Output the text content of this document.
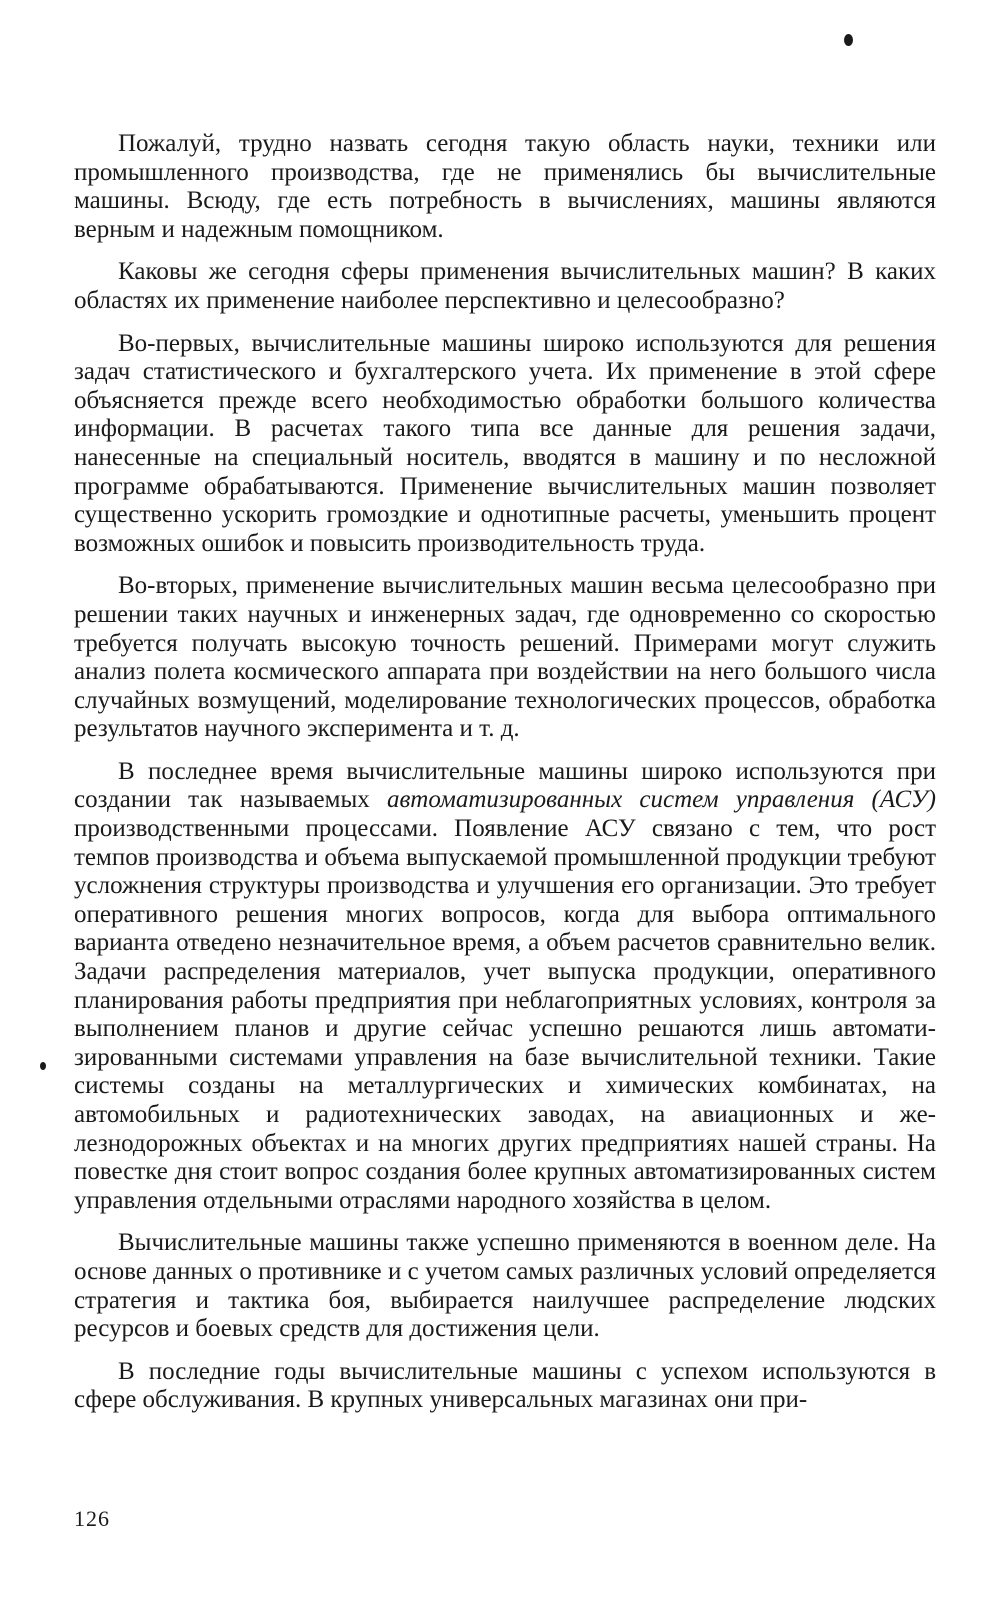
Пожалуй, трудно назвать сегодня такую область науки, техники или промышленного производства, где не применялись бы вычислительные машины. Всюду, где есть потребность в вычислениях, машины являются верным и надежным помощником.

Каковы же сегодня сферы применения вычислительных машин? В каких областях их применение наиболее перспективно и целесообразно?

Во-первых, вычислительные машины широко используются для решения задач статистического и бухгалтерского учета. Их применение в этой сфере объясняется прежде всего необходимостью обработки большого количества информации. В расчетах такого типа все данные для решения задачи, нанесенные на специальный носитель, вводятся в машину и по несложной программе обрабатываются. Применение вычислительных машин позволяет существенно ускорить громоздкие и однотипные расчеты, уменьшить процент возможных ошибок и повысить производительность труда.

Во-вторых, применение вычислительных машин весьма целесообразно при решении таких научных и инженерных задач, где одновременно со скоростью требуется получать высокую точность решений. Примерами могут служить анализ полета космического аппарата при воздействии на него большого числа случайных возмущений, моделирование технологических процессов, обработка результатов научного эксперимента и т. д.

В последнее время вычислительные машины широко используются при создании так называемых автоматизированных систем управления (АСУ) производственными процессами. Появление АСУ связано с тем, что рост темпов производства и объема выпускаемой промышленной продукции требуют усложнения структуры производства и улучшения его организации. Это требует оперативного решения многих вопросов, когда для выбора оптимального варианта отведено незначительное время, а объем расчетов сравнительно велик. Задачи распределения материалов, учет выпуска продукции, оперативного планирования работы предприятия при неблагоприятных условиях, контроля за выполнением планов и другие сейчас успешно решаются лишь автоматизированными системами управления на базе вычислительной техники. Такие системы созданы на металлургических и химических комбинатах, на автомобильных и радиотехнических заводах, на авиационных и железнодорожных объектах и на многих других предприятиях нашей страны. На повестке дня стоит вопрос создания более крупных автоматизированных систем управления отдельными отраслями народного хозяйства в целом.

Вычислительные машины также успешно применяются в военном деле. На основе данных о противнике и с учетом самых различных условий определяется стратегия и тактика боя, выбирается наилучшее распределение людских ресурсов и боевых средств для достижения цели.

В последние годы вычислительные машины с успехом используются в сфере обслуживания. В крупных универсальных магазинах они при-

126
